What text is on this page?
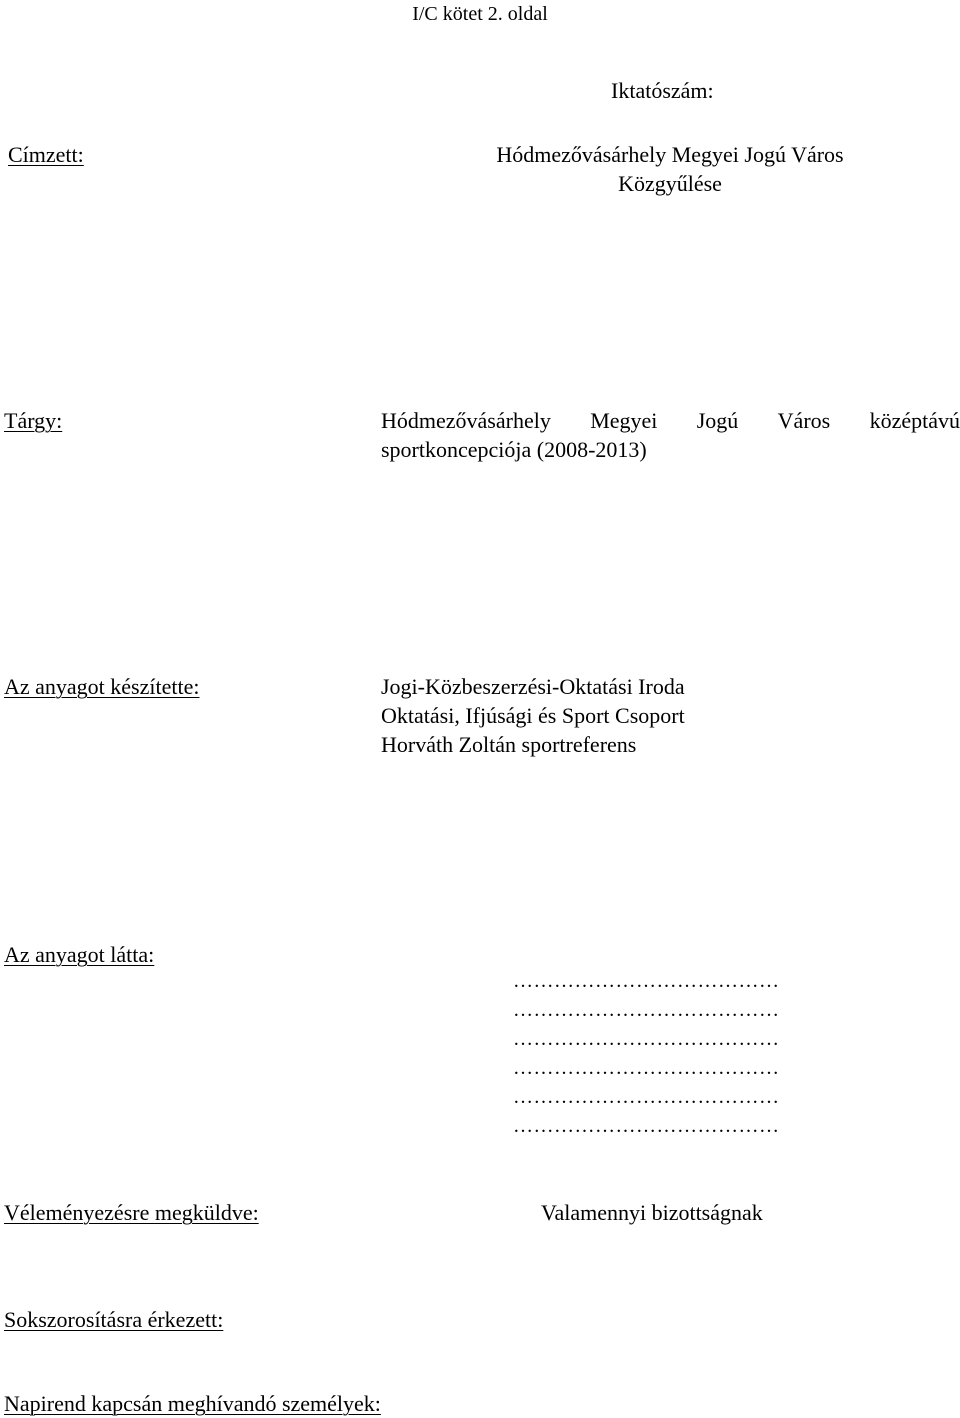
I/C kötet 2. oldal
Iktatószám:
Címzett:	Hódmezővásárhely Megyei Jogú Város
Közgyűlése
Tárgy:	Hódmezővásárhely Megyei Jogú Város középtávú
sportkoncepciója (2008-2013)
Az anyagot készítette:	Jogi-Közbeszerzési-Oktatási Iroda
Oktatási, Ifjúsági és Sport Csoport
Horváth Zoltán sportreferens
Az anyagot látta:
…………………………………
…………………………………
…………………………………
…………………………………
…………………………………
…………………………………
Véleményezésre megküldve:	Valamennyi bizottságnak
Sokszorosításra érkezett:
Napirend kapcsán meghívandó személyek:
